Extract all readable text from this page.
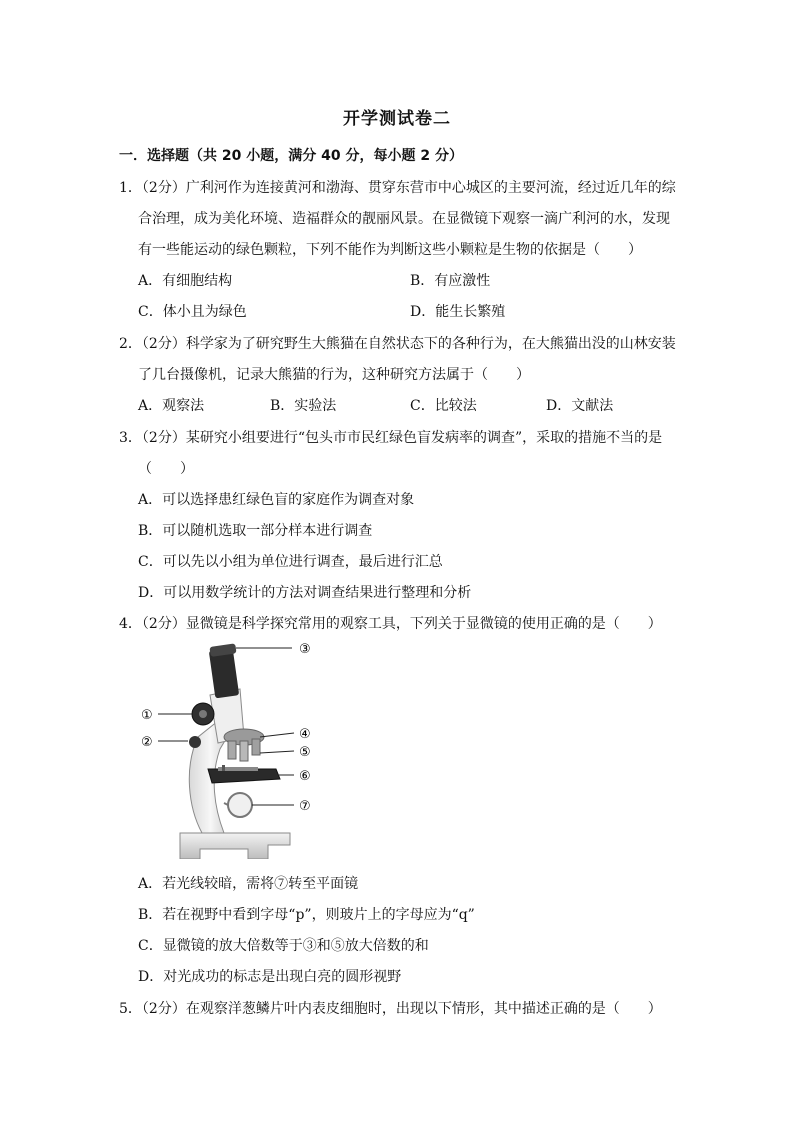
开学测试卷二
一．选择题（共 20 小题，满分 40 分，每小题 2 分）
1．（2分）广利河作为连接黄河和渤海、贯穿东营市中心城区的主要河流，经过近几年的综
合治理，成为美化环境、造福群众的靓丽风景。在显微镜下观察一滴广利河的水，发现
有一些能运动的绿色颗粒，下列不能作为判断这些小颗粒是生物的依据是（　　）
A．有细胞结构	B．有应激性
C．体小且为绿色	D．能生长繁殖
2．（2分）科学家为了研究野生大熊猫在自然状态下的各种行为，在大熊猫出没的山林安装
了几台摄像机，记录大熊猫的行为，这种研究方法属于（　　）
A．观察法	B．实验法	C．比较法	D．文献法
3．（2分）某研究小组要进行“包头市市民红绿色盲发病率的调查”，采取的措施不当的是
（　　）
A．可以选择患红绿色盲的家庭作为调查对象
B．可以随机选取一部分样本进行调查
C．可以先以小组为单位进行调查，最后进行汇总
D．可以用数学统计的方法对调查结果进行整理和分析
4．（2分）显微镜是科学探究常用的观察工具，下列关于显微镜的使用正确的是（　　）
③
①
②
④
⑤
⑥
⑦
A．若光线较暗，需将⑦转至平面镜
B．若在视野中看到字母“p”，则玻片上的字母应为“q”
C．显微镜的放大倍数等于③和⑤放大倍数的和
D．对光成功的标志是出现白亮的圆形视野
5．（2分）在观察洋葱鳞片叶内表皮细胞时，出现以下情形，其中描述正确的是（　　）
